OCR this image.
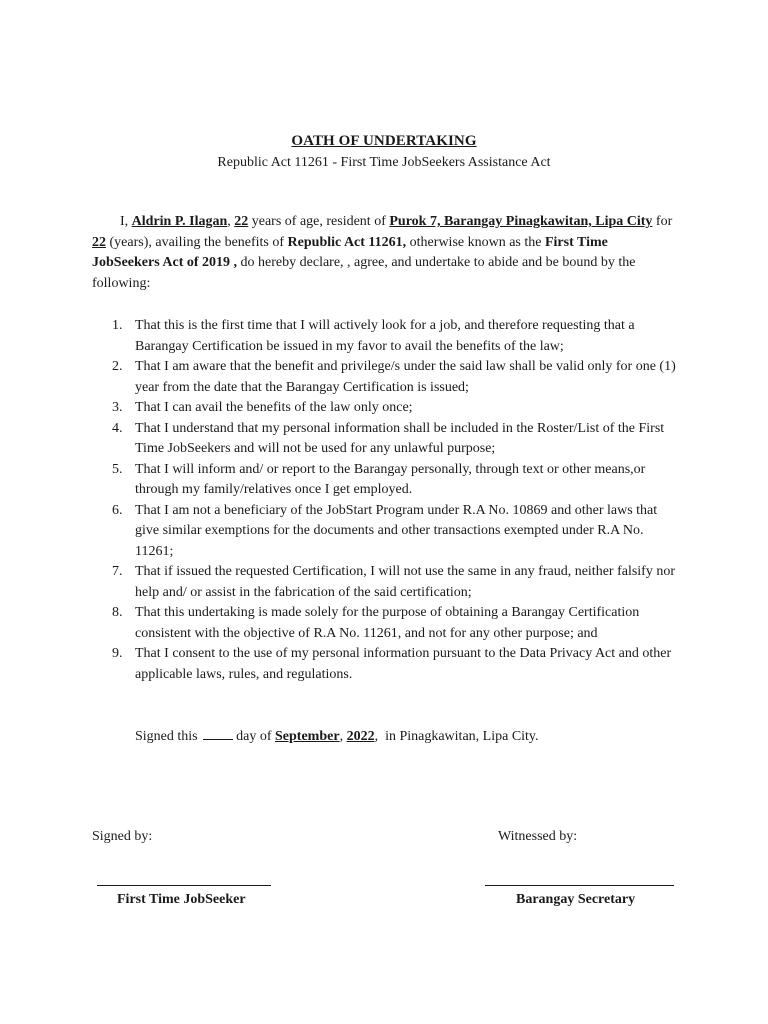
OATH OF UNDERTAKING
Republic Act 11261 - First Time JobSeekers Assistance Act

I, Aldrin P. Ilagan, 22 years of age, resident of Purok 7, Barangay Pinagkawitan, Lipa City for 22 (years), availing the benefits of Republic Act 11261, otherwise known as the First Time JobSeekers Act of 2019 , do hereby declare, , agree, and undertake to abide and be bound by the following:

1. That this is the first time that I will actively look for a job, and therefore requesting that a Barangay Certification be issued in my favor to avail the benefits of the law;
2. That I am aware that the benefit and privilege/s under the said law shall be valid only for one (1) year from the date that the Barangay Certification is issued;
3. That I can avail the benefits of the law only once;
4. That I understand that my personal information shall be included in the Roster/List of the First Time JobSeekers and will not be used for any unlawful purpose;
5. That I will inform and/ or report to the Barangay personally, through text or other means,or through my family/relatives once I get employed.
6. That I am not a beneficiary of the JobStart Program under R.A No. 10869 and other laws that give similar exemptions for the documents and other transactions exempted under R.A No. 11261;
7. That if issued the requested Certification, I will not use the same in any fraud, neither falsify nor help and/ or assist in the fabrication of the said certification;
8. That this undertaking is made solely for the purpose of obtaining a Barangay Certification consistent with the objective of R.A No. 11261, and not for any other purpose; and
9. That I consent to the use of my personal information pursuant to the Data Privacy Act and other applicable laws, rules, and regulations.
Signed this	day of September, 2022,  in Pinagkawitan, Lipa City.
Signed by:	Witnessed by:
First Time JobSeeker	Barangay Secretary
